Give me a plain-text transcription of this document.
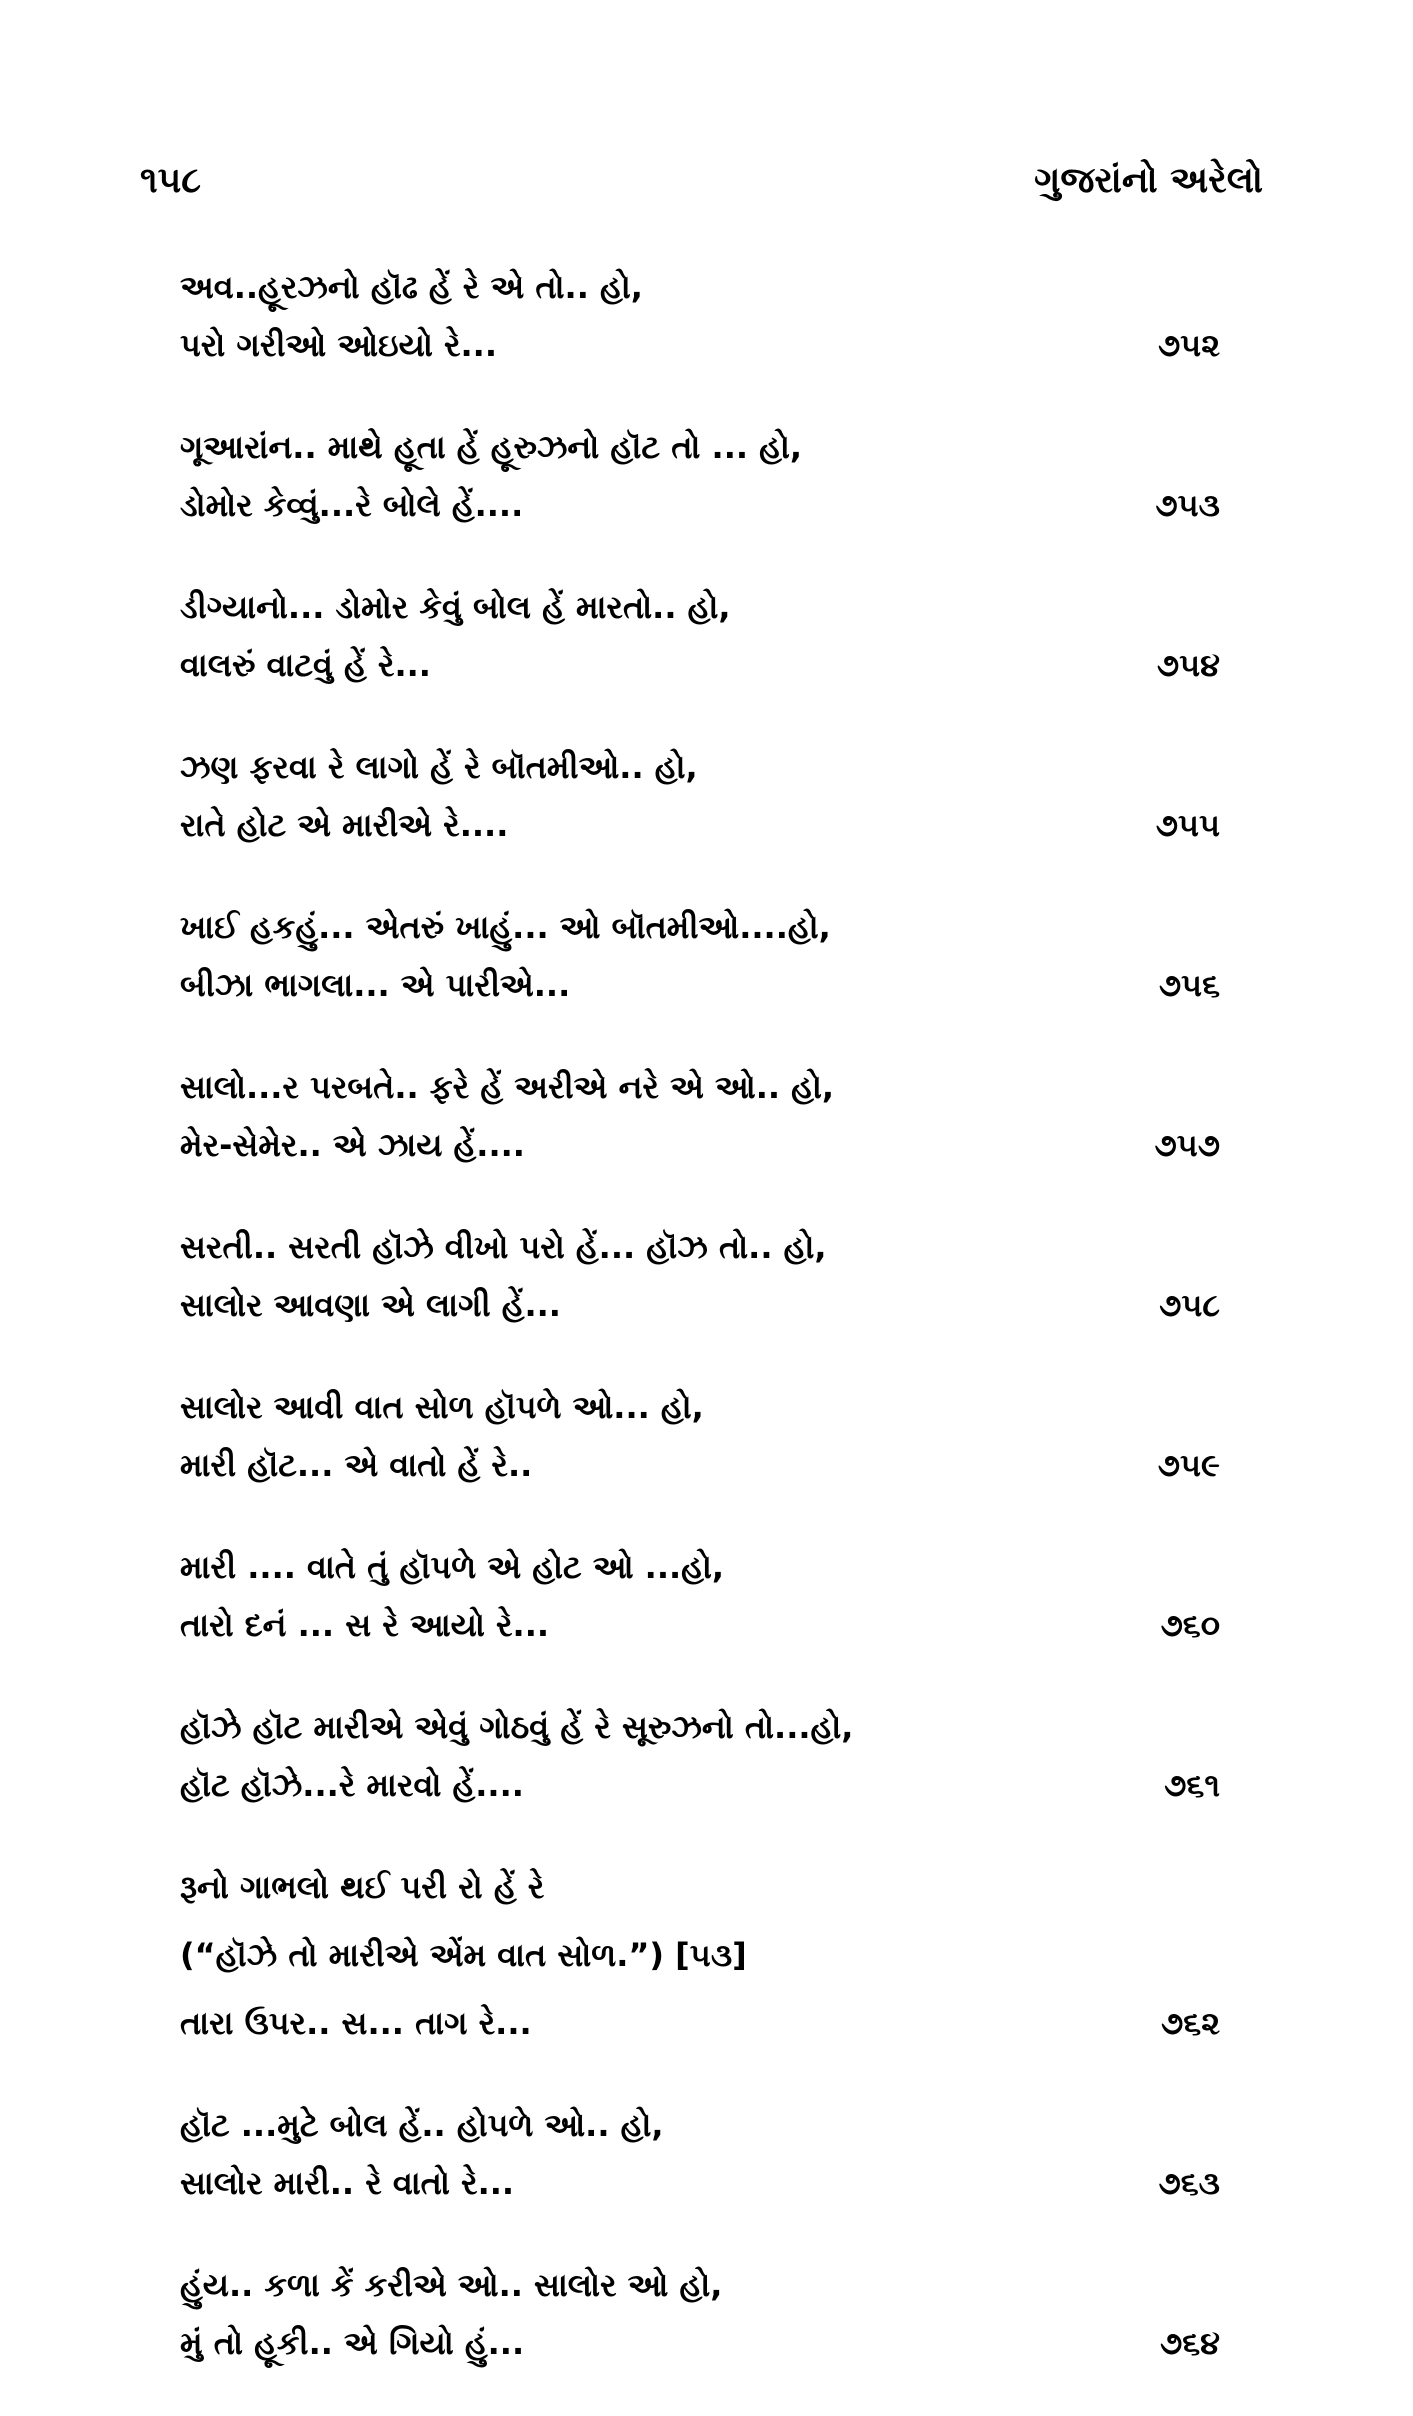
૧૫૮	ગુજરાંનો અરેલો
અવ..હૂરઝનો હૉઢ હેં રે એ તો.. હો,
પરો ગરીઓ ઓઇયો રે...	૭૫૨
ગૂઆરાંન.. માથે હૂતા હેં હૂરુઝનો હૉટ તો ... હો,
ડોમોર કેવ્વું...રે બોલે હેં....	૭૫૩
ડીગ્યાનો... ડોમોર કેવું બોલ હેં મારતો.. હો,
વાલરું વાટવું હેં રે...	૭૫૪
ઝણ ફરવા રે લાગો હેં રે બૉતમીઓ.. હો,
રાતે હોટ એ મારીએ રે....	૭૫૫
ખાઈ હકહું... એતરું ખાહું... ઓ બૉતમીઓ....હો,
બીઝા ભાગલા... એ પારીએ...	૭૫૬
સાલો...ર પરબતે.. ફરે હેં અરીએ નરે એ ઓ.. હો,
મેર-સેમેર.. એ ઝાય હેં....	૭૫૭
સરતી.. સરતી હૉઝે વીખો પરો હેં... હૉઝ તો.. હો,
સાલોર આવણા એ લાગી હેં...	૭૫૮
સાલોર આવી વાત સોળ હૉપળે ઓ... હો,
મારી હૉટ... એ વાતો હેં રે..	૭૫૯
મારી .... વાતે તું હૉપળે એ હોટ ઓ ...હો,
તારો દનં ... સ રે આયો રે...	૭૬૦
હૉઝે હૉટ મારીએ એવું ગોઠવું હેં રે સૂરુઝનો તો...હો,
હૉટ હૉઝે...રે મારવો હેં....	૭૬૧
રૂનો ગાભલો થઈ પરી રો હેં રે
(“હૉઝે તો મારીએ એંમ વાત સોળ.”) [૫૩]
તારા ઉપર.. સ... તાગ રે...	૭૬૨
હૉટ ...મુટે બોલ હેં.. હોપળે ઓ.. હો,
સાલોર મારી.. રે વાતો રે...	૭૬૩
હુંય.. કળા કેં કરીએ ઓ.. સાલોર ઓ હો,
મું તો હૂકી.. એ ગિયો હું...	૭૬૪
